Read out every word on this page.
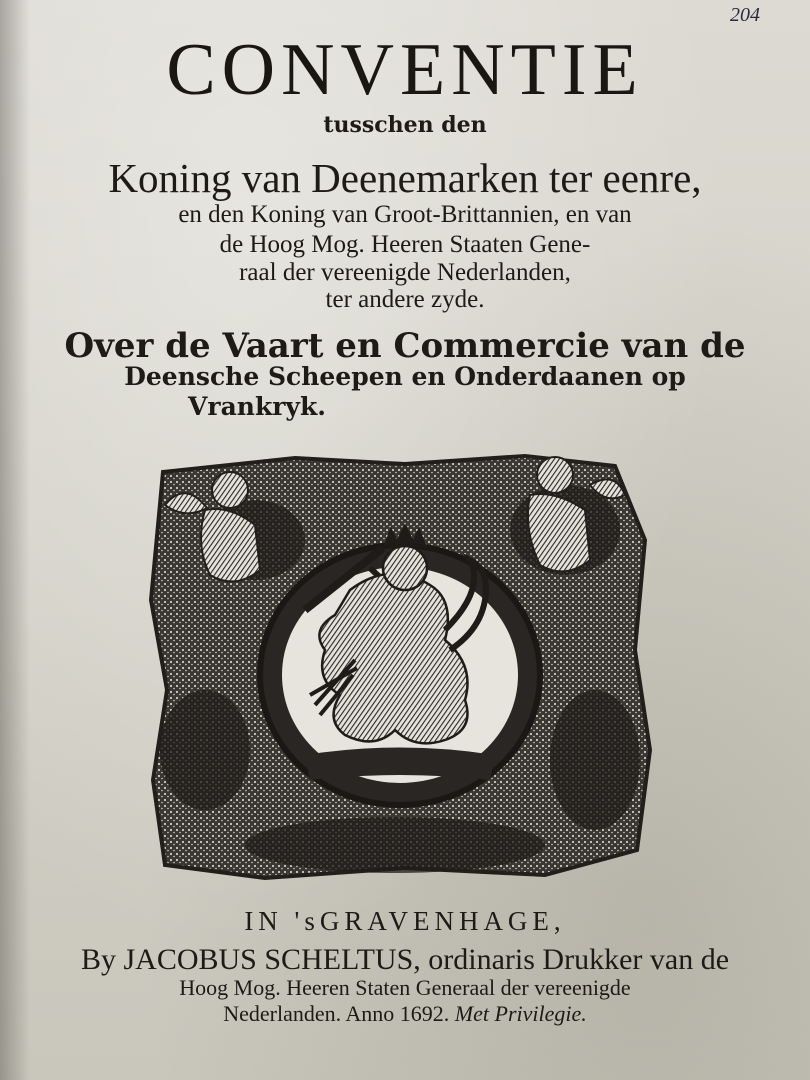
204
CONVENTIE
tusschen den
Koning van Deenemarken ter eenre,
en den Koning van Groot-Brittannien, en van
de Hoog Mog. Heeren Staaten Gene-
raal der vereenigde Nederlanden,
ter andere zyde.
Over de Vaart en Commercie van de
Deensche Scheepen en Onderdaanen op
Vrankryk.
IN 'sGRAVENHAGE,
By JACOBUS SCHELTUS, ordinaris Drukker van de
Hoog Mog. Heeren Staten Generaal der vereenigde
Nederlanden. Anno 1692. Met Privilegie.
